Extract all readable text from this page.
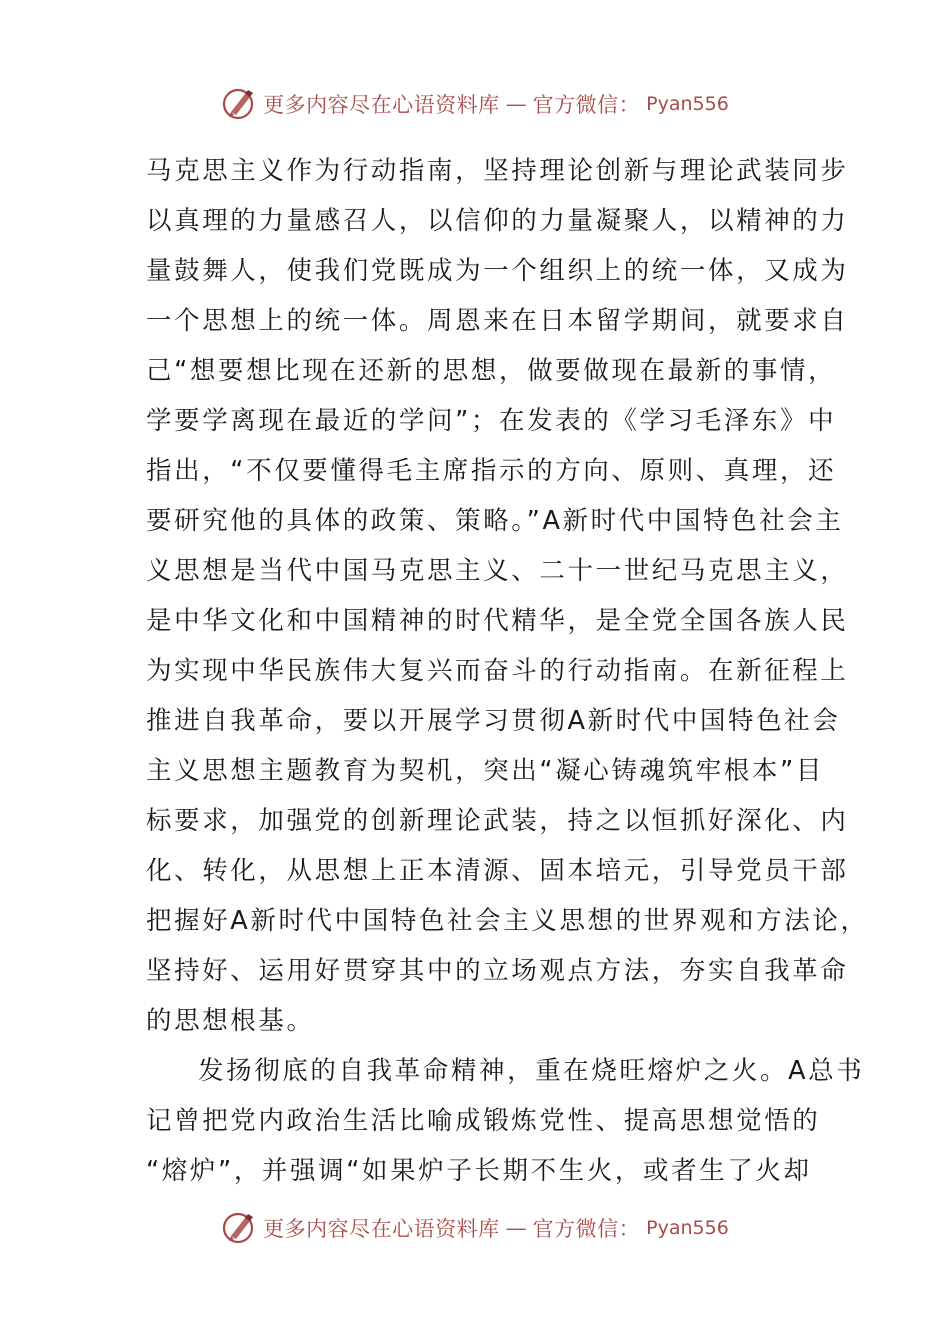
更多内容尽在心语资料库 — 官方微信： Pyan556
马克思主义作为行动指南，坚持理论创新与理论武装同步
以真理的力量感召人，以信仰的力量凝聚人，以精神的力
量鼓舞人，使我们党既成为一个组织上的统一体，又成为
一个思想上的统一体。周恩来在日本留学期间，就要求自
己“想要想比现在还新的思想，做要做现在最新的事情，
学要学离现在最近的学问”；在发表的《学习毛泽东》中
指出，“不仅要懂得毛主席指示的方向、原则、真理，还
要研究他的具体的政策、策略。”A新时代中国特色社会主
义思想是当代中国马克思主义、二十一世纪马克思主义，
是中华文化和中国精神的时代精华，是全党全国各族人民
为实现中华民族伟大复兴而奋斗的行动指南。在新征程上
推进自我革命，要以开展学习贯彻A新时代中国特色社会
主义思想主题教育为契机，突出“凝心铸魂筑牢根本”目
标要求，加强党的创新理论武装，持之以恒抓好深化、内
化、转化，从思想上正本清源、固本培元，引导党员干部
把握好A新时代中国特色社会主义思想的世界观和方法论，
坚持好、运用好贯穿其中的立场观点方法，夯实自我革命
的思想根基。
发扬彻底的自我革命精神，重在烧旺熔炉之火。A总书
记曾把党内政治生活比喻成锻炼党性、提高思想觉悟的
“熔炉”，并强调“如果炉子长期不生火，或者生了火却
更多内容尽在心语资料库 — 官方微信： Pyan556
